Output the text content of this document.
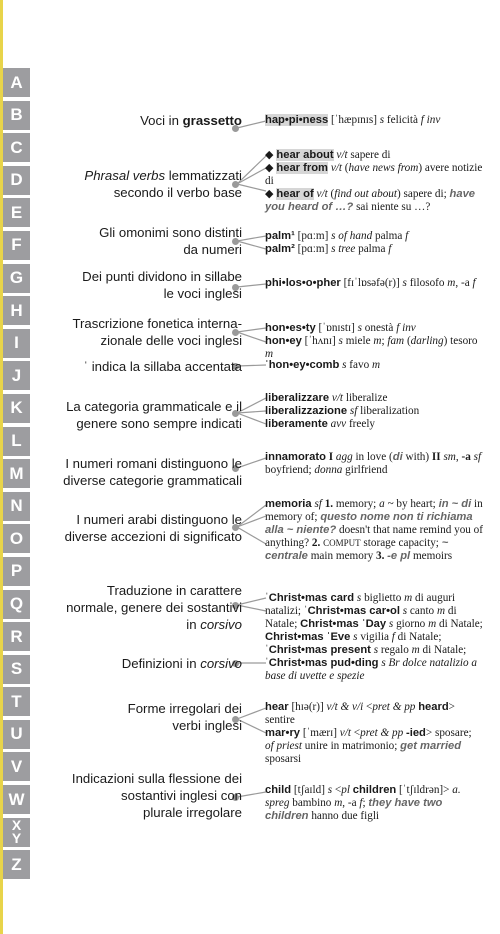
A
B
C
D
E
F
G
H
I
J
K
L
M
N
O
P
Q
R
S
T
U
V
W
X
Y
Z
Voci in grassetto
Phrasal verbs lemmatizzati
secondo il verbo base
Gli omonimi sono distinti
da numeri
Dei punti dividono in sillabe
le voci inglesi
Trascrizione fonetica interna-
zionale delle voci inglesi
ˈ indica la sillaba accentata
La categoria grammaticale e il
genere sono sempre indicati
I numeri romani distinguono le
diverse categorie grammaticali
I numeri arabi distinguono le
diverse accezioni di significato
Traduzione in carattere
normale, genere dei sostantivi
in corsivo
Definizioni in corsivo
Forme irregolari dei
verbi inglesi
Indicazioni sulla flessione dei
sostantivi inglesi con
plurale irregolare
hap•pi•ness [ˈhæpɪnɪs] s felicità f inv
◆ hear about v/t sapere di
◆ hear from v/t (have news from) avere notizie di
◆ hear of v/t (find out about) sapere di; have you heard of …? sai niente su …?
palm¹ [pɑːm] s of hand palma f
palm² [pɑːm] s tree palma f
phi•los•o•pher [fɪˈlɒsəfə(r)] s filosofo m, -a f
hon•es•ty [ˈɒnɪstɪ] s onestà f inv
hon•ey [ˈhʌnɪ] s miele m; fam (darling) tesoro m
ˈhon•ey•comb s favo m
liberalizzare v/t liberalize
liberalizzazione sf liberalization
liberamente avv freely
innamorato I agg in love (di with) II sm, -a sf boyfriend; donna girlfriend
memoria sf 1. memory; a ~ by heart; in ~ di in memory of; questo nome non ti richiama alla ~ niente? doesn't that name remind you of anything? 2. COMPUT storage capacity; ~ centrale main memory 3. -e pl memoirs
ˈChrist•mas card s biglietto m di auguri natalizi; ˈChrist•mas car•ol s canto m di Natale; Christ•mas ˈDay s giorno m di Natale; Christ•mas ˈEve s vigilia f di Natale; ˈChrist•mas present s regalo m di Natale; ˈChrist•mas pud•ding s Br dolce natalizio a base di uvette e spezie
hear [hɪə(r)] v/t & v/i <pret & pp heard> sentire
mar•ry [ˈmærɪ] v/t <pret & pp -ied> sposare; of priest unire in matrimonio; get married sposarsi
child [tʃaɪld] s <pl children [ˈtʃɪldrən]> a. spreg bambino m, -a f; they have two children hanno due figli
